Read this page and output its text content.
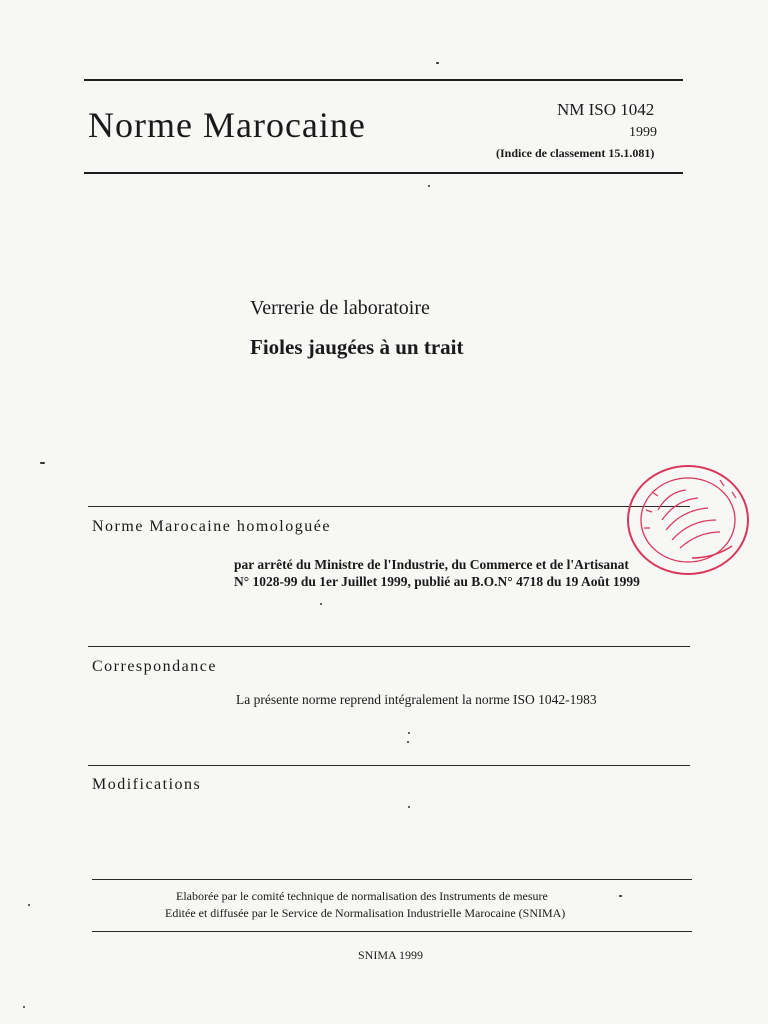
Norme Marocaine	NM ISO 1042
1999
(Indice de classement 15.1.081)
Verrerie de laboratoire
Fioles jaugées à un trait
Norme Marocaine homologuée
par arrêté du Ministre de l'Industrie, du Commerce et de l'Artisanat
N° 1028-99 du 1er Juillet 1999, publié au B.O.N° 4718 du 19 Août 1999
Correspondance
La présente norme reprend intégralement la norme ISO 1042-1983
Modifications
Elaborée par le comité technique de normalisation des Instruments de mesure
Editée et diffusée par le Service de Normalisation Industrielle Marocaine (SNIMA)
SNIMA 1999
